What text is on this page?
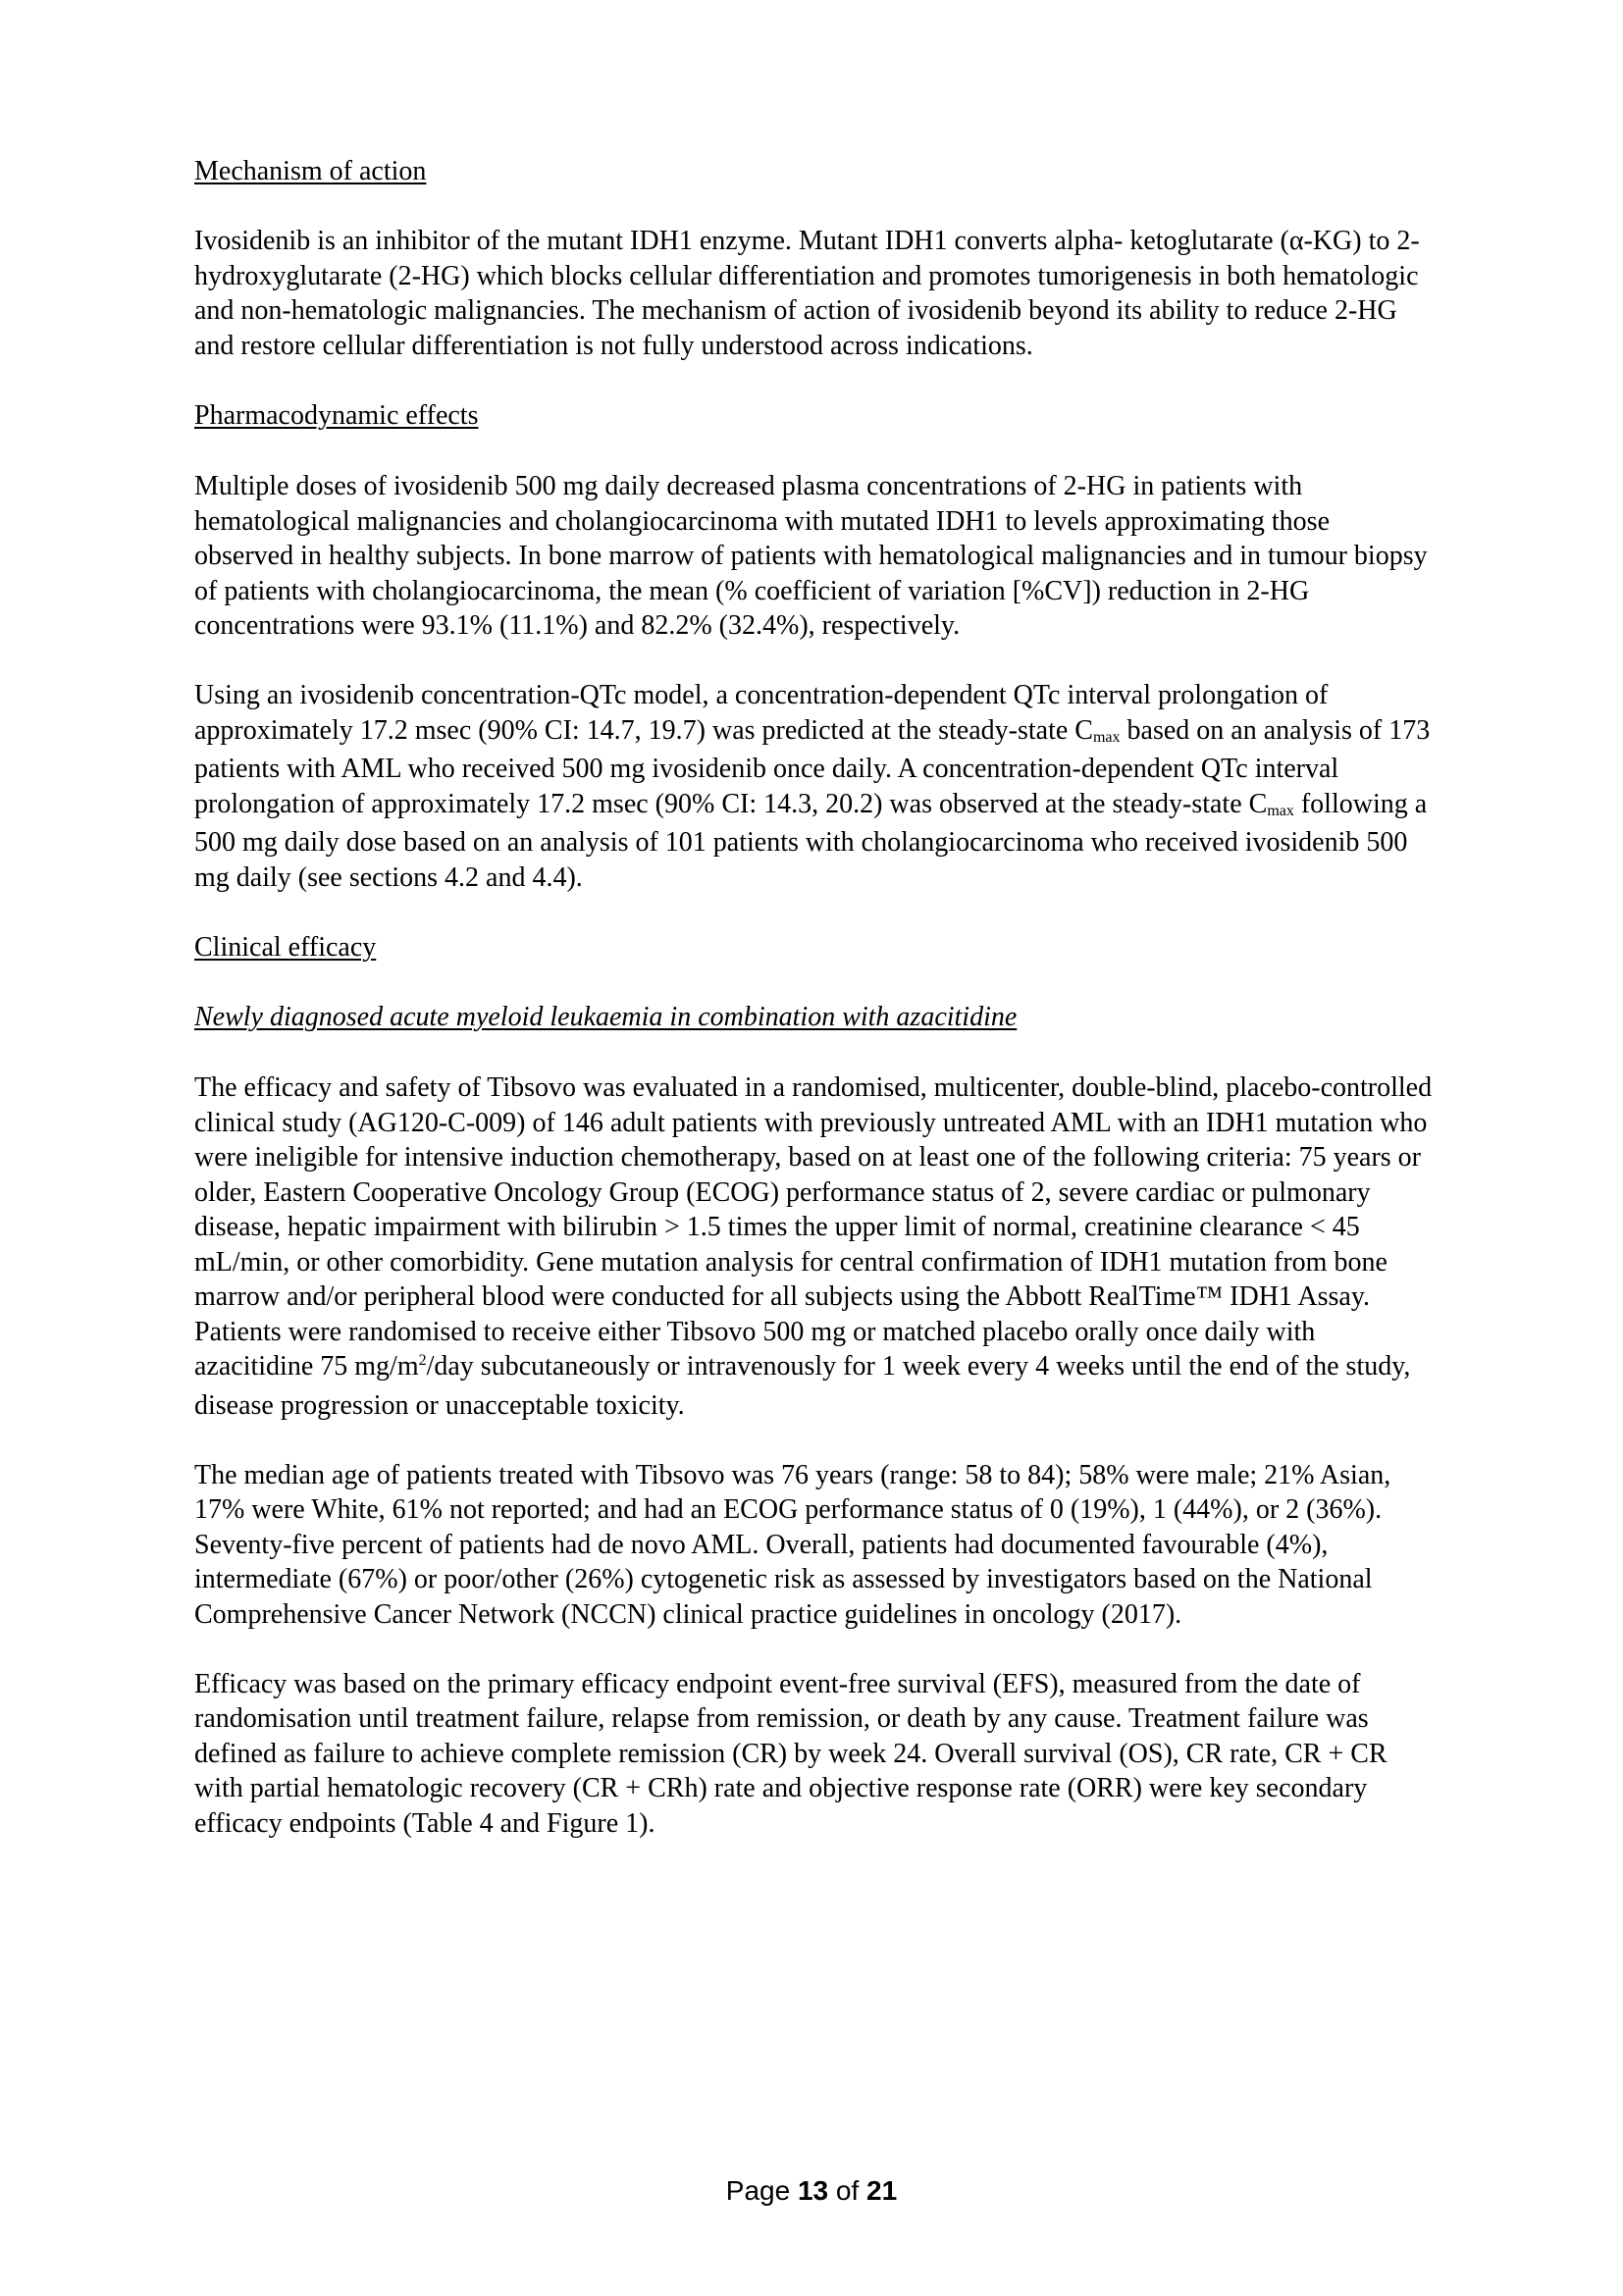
Mechanism of action

Ivosidenib is an inhibitor of the mutant IDH1 enzyme. Mutant IDH1 converts alpha- ketoglutarate (α-KG) to 2-hydroxyglutarate (2-HG) which blocks cellular differentiation and promotes tumorigenesis in both hematologic and non-hematologic malignancies. The mechanism of action of ivosidenib beyond its ability to reduce 2-HG and restore cellular differentiation is not fully understood across indications.

Pharmacodynamic effects

Multiple doses of ivosidenib 500 mg daily decreased plasma concentrations of 2-HG in patients with hematological malignancies and cholangiocarcinoma with mutated IDH1 to levels approximating those observed in healthy subjects. In bone marrow of patients with hematological malignancies and in tumour biopsy of patients with cholangiocarcinoma, the mean (% coefficient of variation [%CV]) reduction in 2-HG concentrations were 93.1% (11.1%) and 82.2% (32.4%), respectively.

Using an ivosidenib concentration-QTc model, a concentration-dependent QTc interval prolongation of approximately 17.2 msec (90% CI: 14.7, 19.7) was predicted at the steady-state $C_{max}$ based on an analysis of 173 patients with AML who received 500 mg ivosidenib once daily. A concentration-dependent QTc interval prolongation of approximately 17.2 msec (90% CI: 14.3, 20.2) was observed at the steady-state $C_{max}$ following a 500 mg daily dose based on an analysis of 101 patients with cholangiocarcinoma who received ivosidenib 500 mg daily (see sections 4.2 and 4.4).

Clinical efficacy

Newly diagnosed acute myeloid leukaemia in combination with azacitidine

The efficacy and safety of Tibsovo was evaluated in a randomised, multicenter, double-blind, placebo-controlled clinical study (AG120-C-009) of 146 adult patients with previously untreated AML with an IDH1 mutation who were ineligible for intensive induction chemotherapy, based on at least one of the following criteria: 75 years or older, Eastern Cooperative Oncology Group (ECOG) performance status of 2, severe cardiac or pulmonary disease, hepatic impairment with bilirubin > 1.5 times the upper limit of normal, creatinine clearance < 45 mL/min, or other comorbidity. Gene mutation analysis for central confirmation of IDH1 mutation from bone marrow and/or peripheral blood were conducted for all subjects using the Abbott RealTime™ IDH1 Assay. Patients were randomised to receive either Tibsovo 500 mg or matched placebo orally once daily with azacitidine 75 $mg/m^2$/day subcutaneously or intravenously for 1 week every 4 weeks until the end of the study, disease progression or unacceptable toxicity.

The median age of patients treated with Tibsovo was 76 years (range: 58 to 84); 58% were male; 21% Asian, 17% were White, 61% not reported; and had an ECOG performance status of 0 (19%), 1 (44%), or 2 (36%). Seventy-five percent of patients had de novo AML. Overall, patients had documented favourable (4%), intermediate (67%) or poor/other (26%) cytogenetic risk as assessed by investigators based on the National Comprehensive Cancer Network (NCCN) clinical practice guidelines in oncology (2017).

Efficacy was based on the primary efficacy endpoint event-free survival (EFS), measured from the date of randomisation until treatment failure, relapse from remission, or death by any cause. Treatment failure was defined as failure to achieve complete remission (CR) by week 24. Overall survival (OS), CR rate, CR + CR with partial hematologic recovery (CR + CRh) rate and objective response rate (ORR) were key secondary efficacy endpoints (Table 4 and Figure 1).

Page 13 of 21
